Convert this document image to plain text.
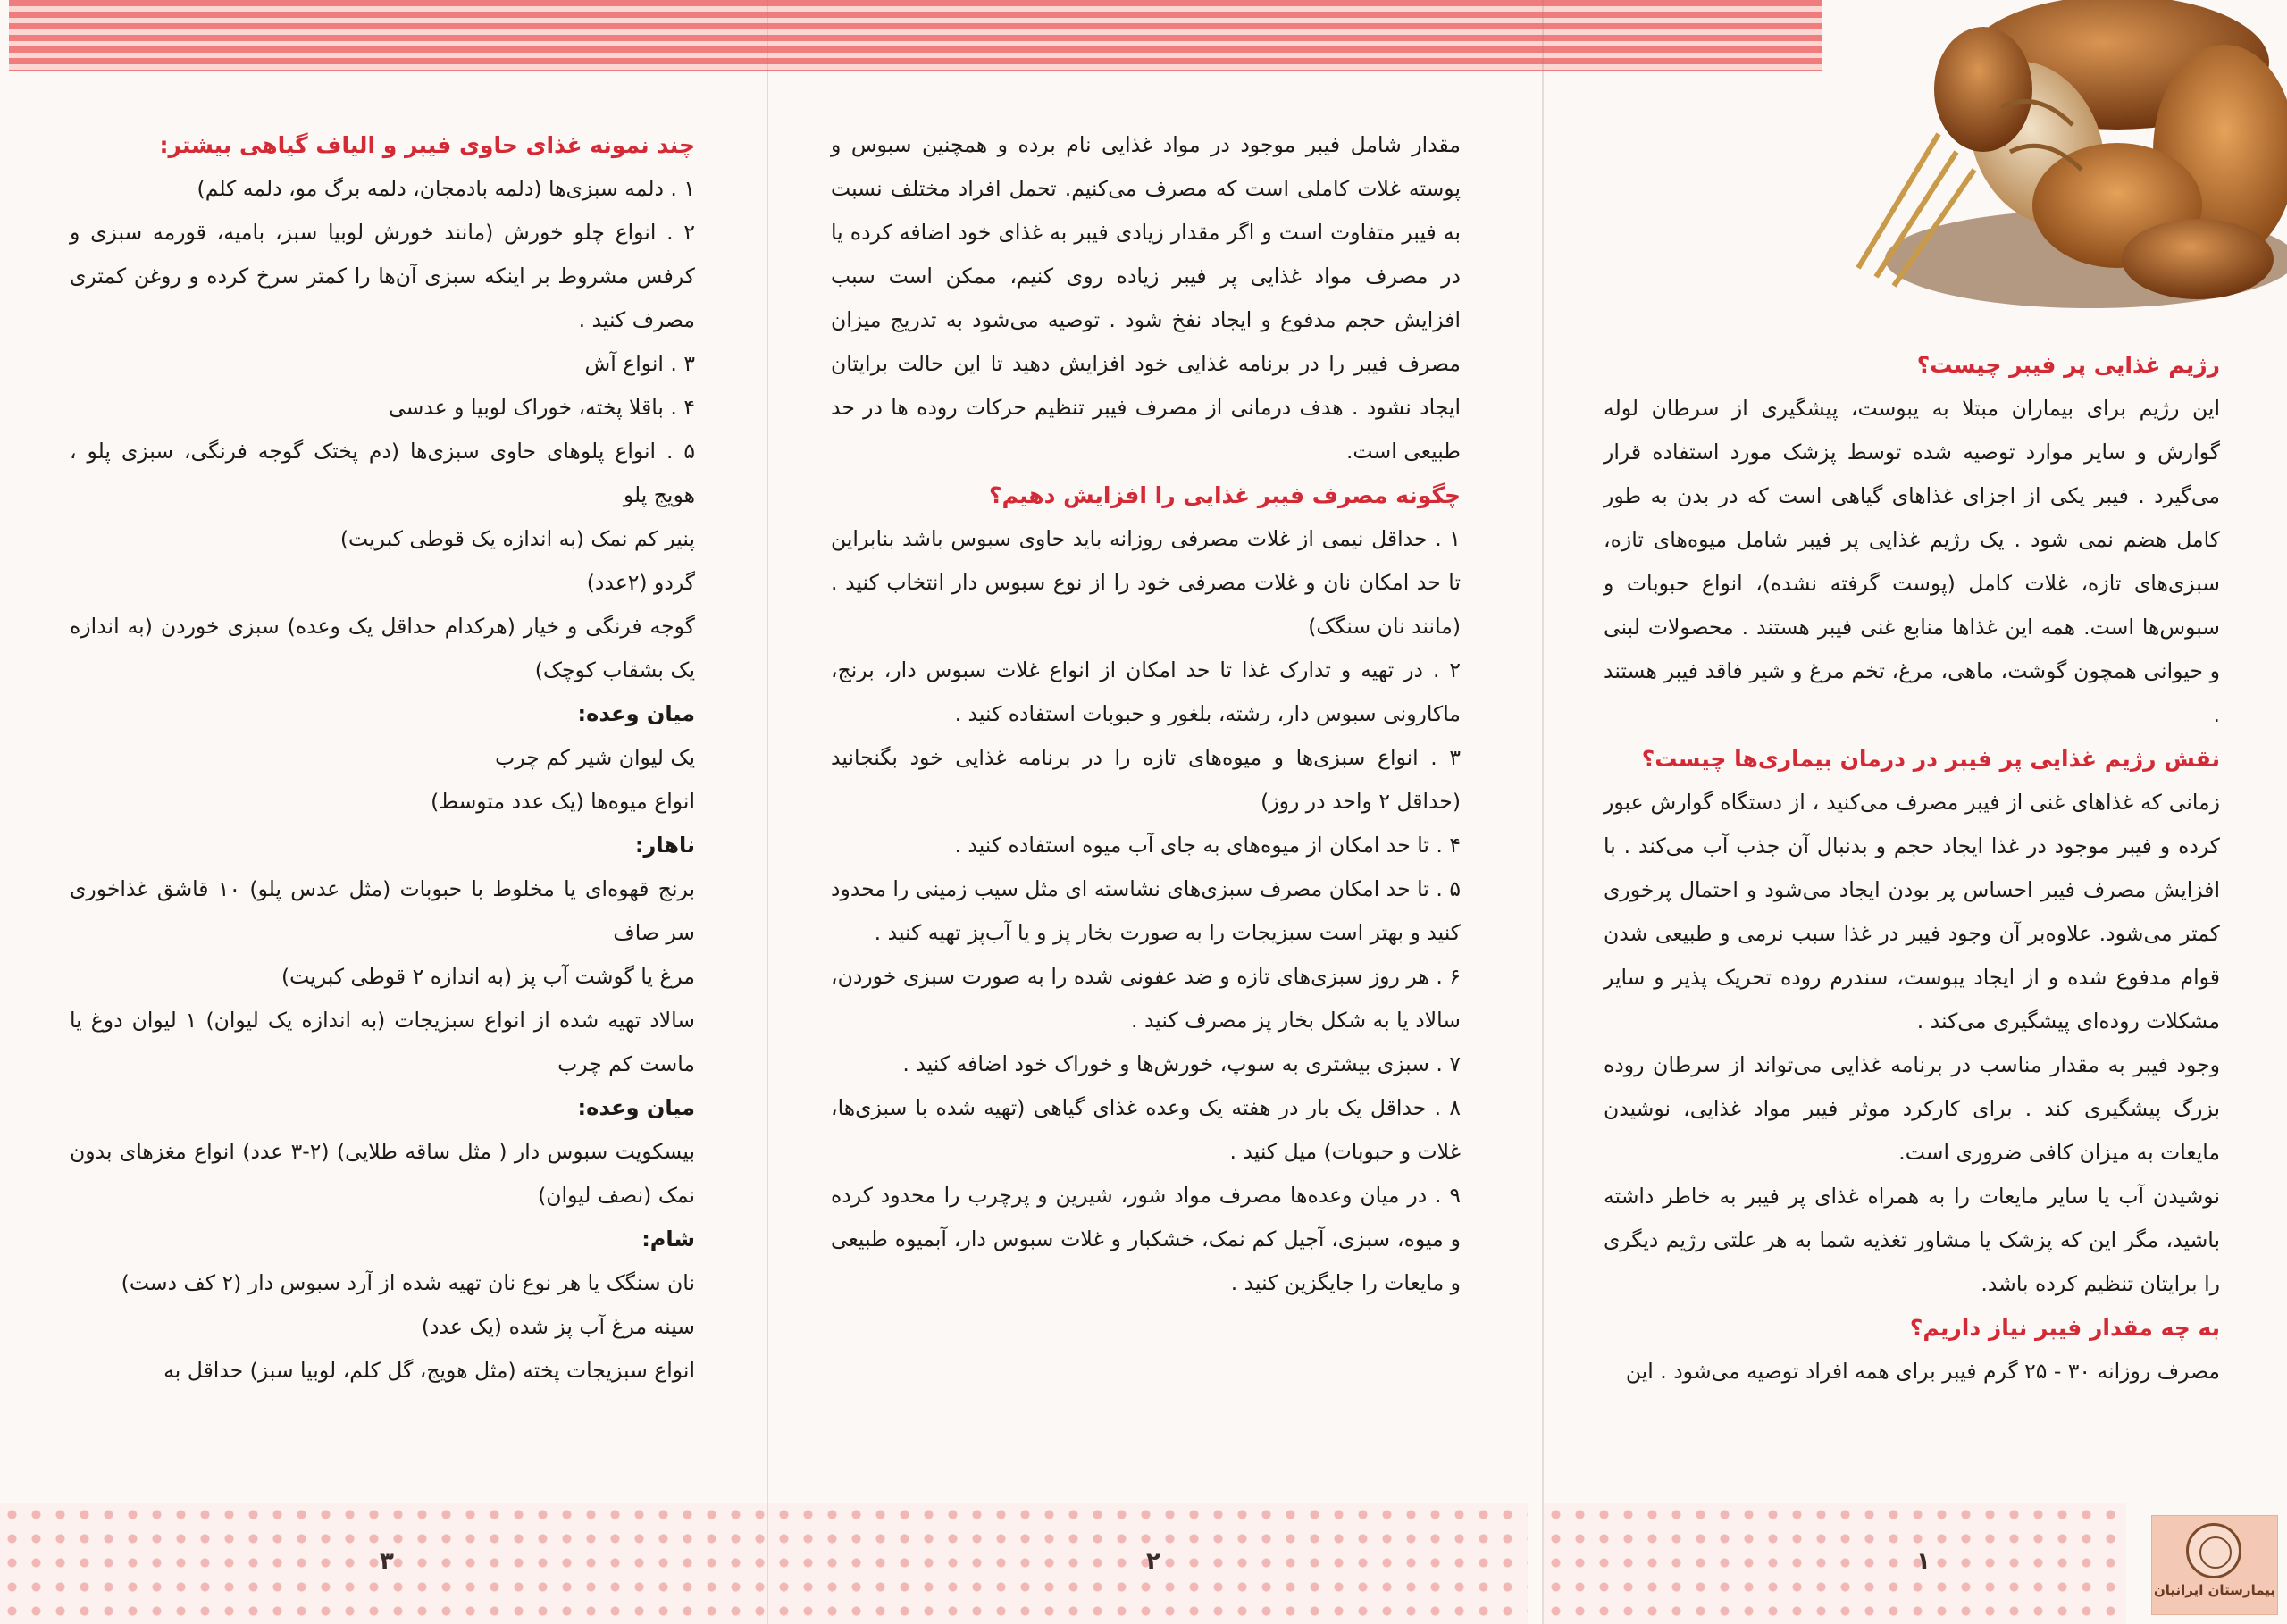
رژیم غذایی پر فیبر چیست؟

این رژیم برای بیماران مبتلا به یبوست، پیشگیری از سرطان لوله گوارش و سایر موارد توصیه شده توسط پزشک مورد استفاده قرار می‌گیرد . فیبر یکی از اجزای غذاهای گیاهی است که در بدن به طور کامل هضم نمی شود . یک رژیم غذایی پر فیبر شامل میوه‌های تازه، سبزی‌های تازه، غلات کامل (پوست گرفته نشده)، انواع حبوبات و سبوس‌ها است. همه این غذاها منابع غنی فیبر هستند . محصولات لبنی و حیوانی همچون گوشت، ماهی، مرغ، تخم مرغ و شیر فاقد فیبر هستند .

نقش رژیم غذایی پر فیبر در درمان بیماری‌ها چیست؟

زمانی که غذاهای غنی از فیبر مصرف می‌کنید ، از دستگاه گوارش عبور کرده و فیبر موجود در غذا ایجاد حجم و بدنبال آن جذب آب می‌کند . با افزایش مصرف فیبر احساس پر بودن ایجاد می‌شود و احتمال پرخوری کمتر می‌شود. علاوه‌بر آن وجود فیبر در غذا سبب نرمی و طبیعی شدن قوام مدفوع شده و از ایجاد یبوست، سندرم روده تحریک پذیر و سایر مشکلات روده‌ای پیشگیری می‌کند .

وجود فیبر به مقدار مناسب در برنامه غذایی می‌تواند از سرطان روده بزرگ پیشگیری کند . برای کارکرد موثر فیبر مواد غذایی، نوشیدن مایعات به میزان کافی ضروری است.

نوشیدن آب یا سایر مایعات را به همراه غذای پر فیبر به خاطر داشته باشید، مگر این که پزشک یا مشاور تغذیه شما به هر علتی رژیم دیگری را برایتان تنظیم کرده باشد.

به چه مقدار فیبر نیاز داریم؟

مصرف روزانه ۳۰ - ۲۵ گرم فیبر برای همه افراد توصیه می‌شود . این

مقدار شامل فیبر موجود در مواد غذایی نام برده و همچنین سبوس و پوسته غلات کاملی است که مصرف می‌کنیم. تحمل افراد مختلف نسبت به فیبر متفاوت است و اگر مقدار زیادی فیبر به غذای خود اضافه کرده یا در مصرف مواد غذایی پر فیبر زیاده روی کنیم، ممکن است سبب افزایش حجم مدفوع و ایجاد نفخ شود . توصیه می‌شود به تدریج میزان مصرف فیبر را در برنامه غذایی خود افزایش دهید تا این حالت برایتان ایجاد نشود . هدف درمانی از مصرف فیبر تنظیم حرکات روده ها در حد طبیعی است.

چگونه مصرف فیبر غذایی را افزایش دهیم؟

۱ . حداقل نیمی از غلات مصرفی روزانه باید حاوی سبوس باشد بنابراین تا حد امکان نان و غلات مصرفی خود را از نوع سبوس دار انتخاب کنید . (مانند نان سنگک)

۲ . در تهیه و تدارک غذا تا حد امکان از انواع غلات سبوس دار، برنج، ماکارونی سبوس دار، رشته، بلغور و حبوبات استفاده کنید .

۳ . انواع سبزی‌ها و میوه‌های تازه را در برنامه غذایی خود بگنجانید (حداقل ۲ واحد در روز)

۴ . تا حد امکان از میوه‌های به جای آب میوه استفاده کنید .

۵ . تا حد امکان مصرف سبزی‌های نشاسته ای مثل سیب زمینی را محدود کنید و بهتر است سبزیجات را به صورت بخار پز و یا آب‌پز تهیه کنید .

۶ . هر روز سبزی‌های تازه و ضد عفونی شده را به صورت سبزی خوردن، سالاد یا به شکل بخار پز مصرف کنید .

۷ . سبزی بیشتری به سوپ، خورش‌ها و خوراک خود اضافه کنید .

۸ . حداقل یک بار در هفته یک وعده غذای گیاهی (تهیه شده با سبزی‌ها، غلات و حبوبات) میل کنید .

۹ . در میان وعده‌ها مصرف مواد شور، شیرین و پرچرب را محدود کرده و میوه، سبزی، آجیل کم نمک، خشکبار و غلات سبوس دار، آبمیوه طبیعی و مایعات را جایگزین کنید .

چند نمونه غذای حاوی فیبر و الیاف گیاهی بیشتر:

۱ . دلمه سبزی‌ها (دلمه بادمجان، دلمه برگ مو، دلمه کلم)

۲ . انواع چلو خورش (مانند خورش لوبیا سبز، بامیه، قورمه سبزی و کرفس مشروط بر اینکه سبزی آن‌ها را کمتر سرخ کرده و روغن کمتری مصرف کنید .

۳ . انواع آش

۴ . باقلا پخته، خوراک لوبیا و عدسی

۵ . انواع پلوهای حاوی سبزی‌ها (دم پختک گوجه فرنگی، سبزی پلو ، هویج پلو

پنیر کم نمک (به اندازه یک قوطی کبریت)

گردو (۲عدد)

گوجه فرنگی و خیار (هرکدام حداقل یک وعده) سبزی خوردن (به اندازه یک بشقاب کوچک)

میان وعده:

یک لیوان شیر کم چرب

انواع میوه‌ها (یک عدد متوسط)

ناهار:

برنج قهوه‌ای یا مخلوط با حبوبات (مثل عدس پلو) ۱۰ قاشق غذاخوری سر صاف

مرغ یا گوشت آب پز (به اندازه ۲ قوطی کبریت)

سالاد تهیه شده از انواع سبزیجات (به اندازه یک لیوان) ۱ لیوان دوغ یا ماست کم چرب

میان وعده:

بیسکویت سبوس دار ( مثل ساقه طلایی) (۲-۳ عدد) انواع مغزهای بدون نمک (نصف لیوان)

شام:

نان سنگک یا هر نوع نان تهیه شده از آرد سبوس دار (۲ کف دست)

سینه مرغ آب پز شده (یک عدد)

انواع سبزیجات پخته (مثل هویج، گل کلم، لوبیا سبز) حداقل به

۱
۲
۳
بیمارستان ایرانیان
